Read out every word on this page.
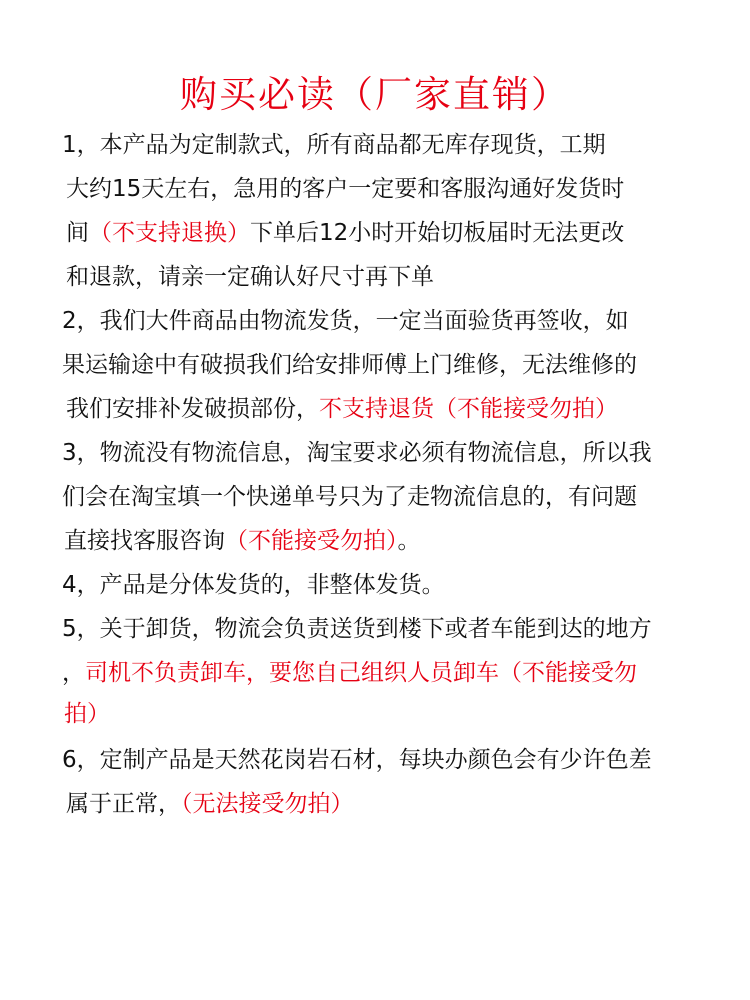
购买必读（厂家直销）
1，本产品为定制款式，所有商品都无库存现货，工期
大约15天左右，急用的客户一定要和客服沟通好发货时
间（不支持退换）下单后12小时开始切板届时无法更改
和退款，请亲一定确认好尺寸再下单
2，我们大件商品由物流发货，一定当面验货再签收，如
果运输途中有破损我们给安排师傅上门维修，无法维修的
我们安排补发破损部份，不支持退货（不能接受勿拍）
3，物流没有物流信息，淘宝要求必须有物流信息，所以我
们会在淘宝填一个快递单号只为了走物流信息的，有问题
直接找客服咨询（不能接受勿拍）。
4，产品是分体发货的，非整体发货。
5，关于卸货，物流会负责送货到楼下或者车能到达的地方
，司机不负责卸车，要您自己组织人员卸车（不能接受勿
拍）
6，定制产品是天然花岗岩石材，每块办颜色会有少许色差
属于正常，（无法接受勿拍）
